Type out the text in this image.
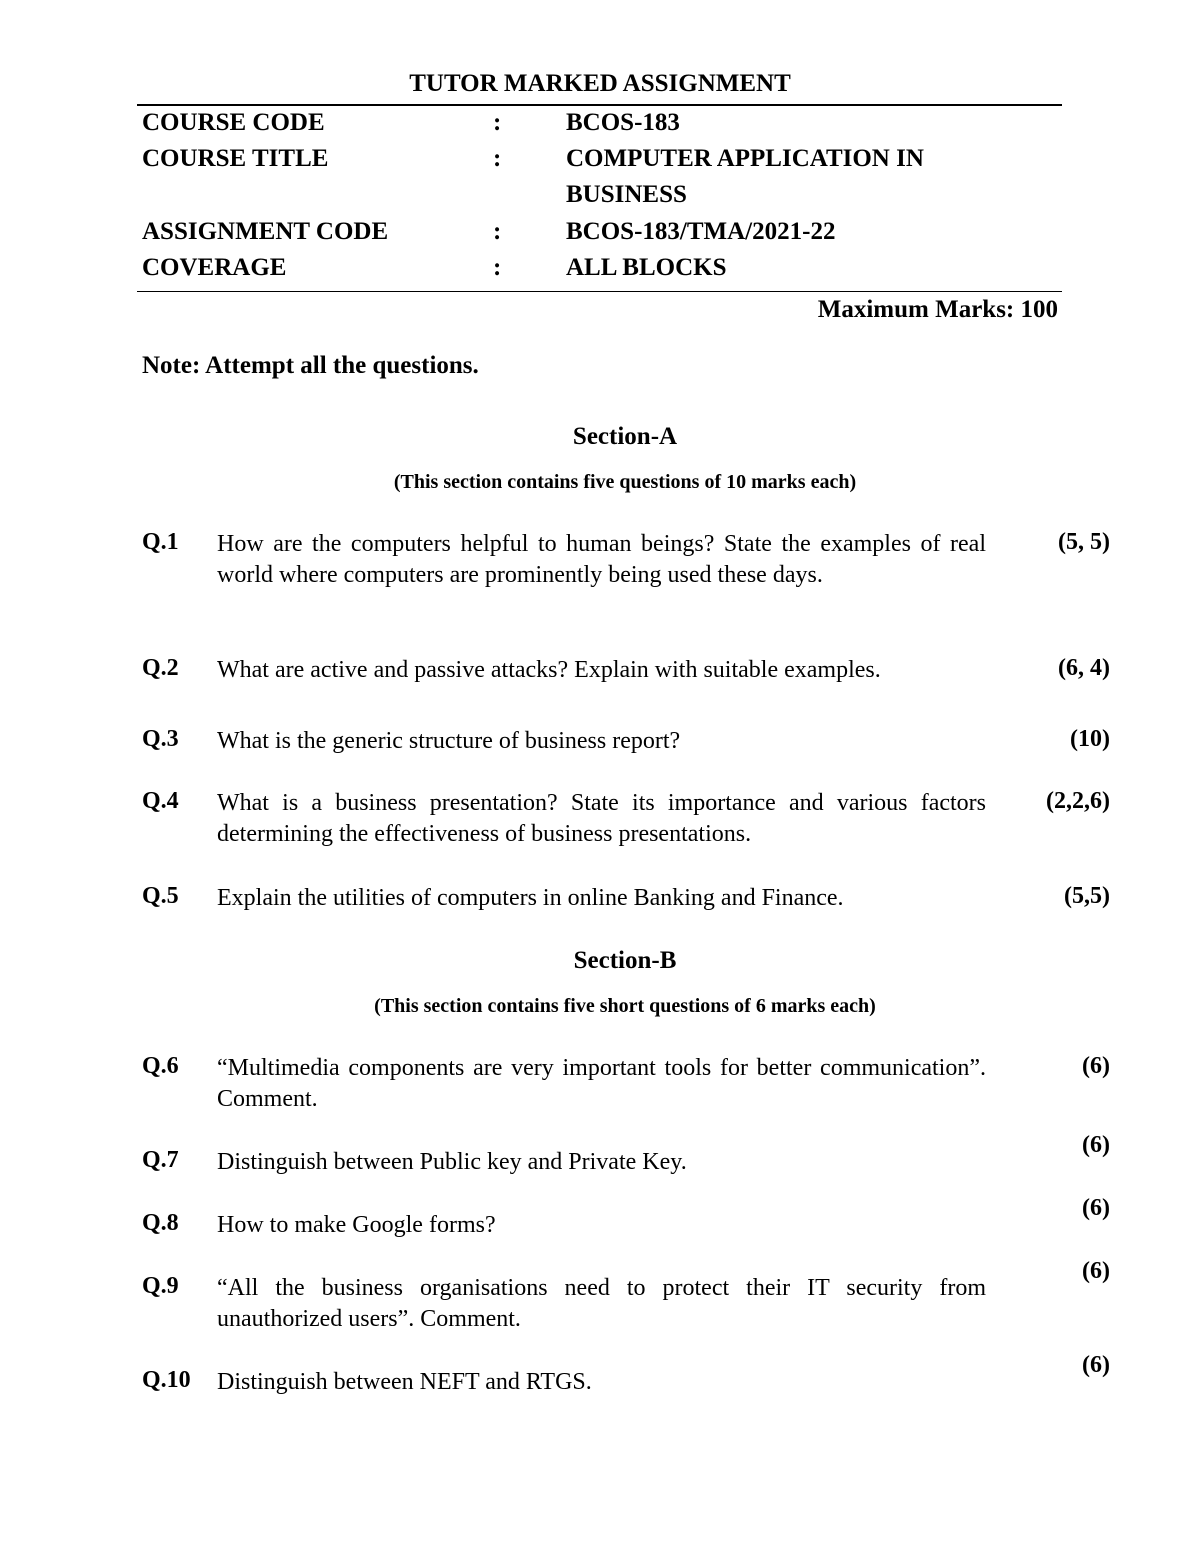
TUTOR MARKED ASSIGNMENT
COURSE CODE	:	BCOS-183
COURSE TITLE	:	COMPUTER APPLICATION IN
BUSINESS
ASSIGNMENT CODE	:	BCOS-183/TMA/2021-22
COVERAGE	:	ALL BLOCKS
Maximum Marks: 100
Note: Attempt all the questions.
Section-A
(This section contains five questions of 10 marks each)
Q.1 How are the computers helpful to human beings? State the examples of real world where computers are prominently being used these days.
(5, 5)
Q.2 What are active and passive attacks? Explain with suitable examples.	(6, 4)
Q.3 What is the generic structure of business report?	(10)
Q.4 What is a business presentation? State its importance and various factors determining the effectiveness of business presentations.
(2,2,6)
Q.5 Explain the utilities of computers in online Banking and Finance.	(5,5)
Section-B
(This section contains five short questions of 6 marks each)
Q.6 “Multimedia components are very important tools for better communication”. Comment.
(6)
Q.7 Distinguish between Public key and Private Key.
(6)
Q.8 How to make Google forms?
(6)
Q.9 “All the business organisations need to protect their IT security from unauthorized users”. Comment.
(6)
Q.10 Distinguish between NEFT and RTGS.
(6)
